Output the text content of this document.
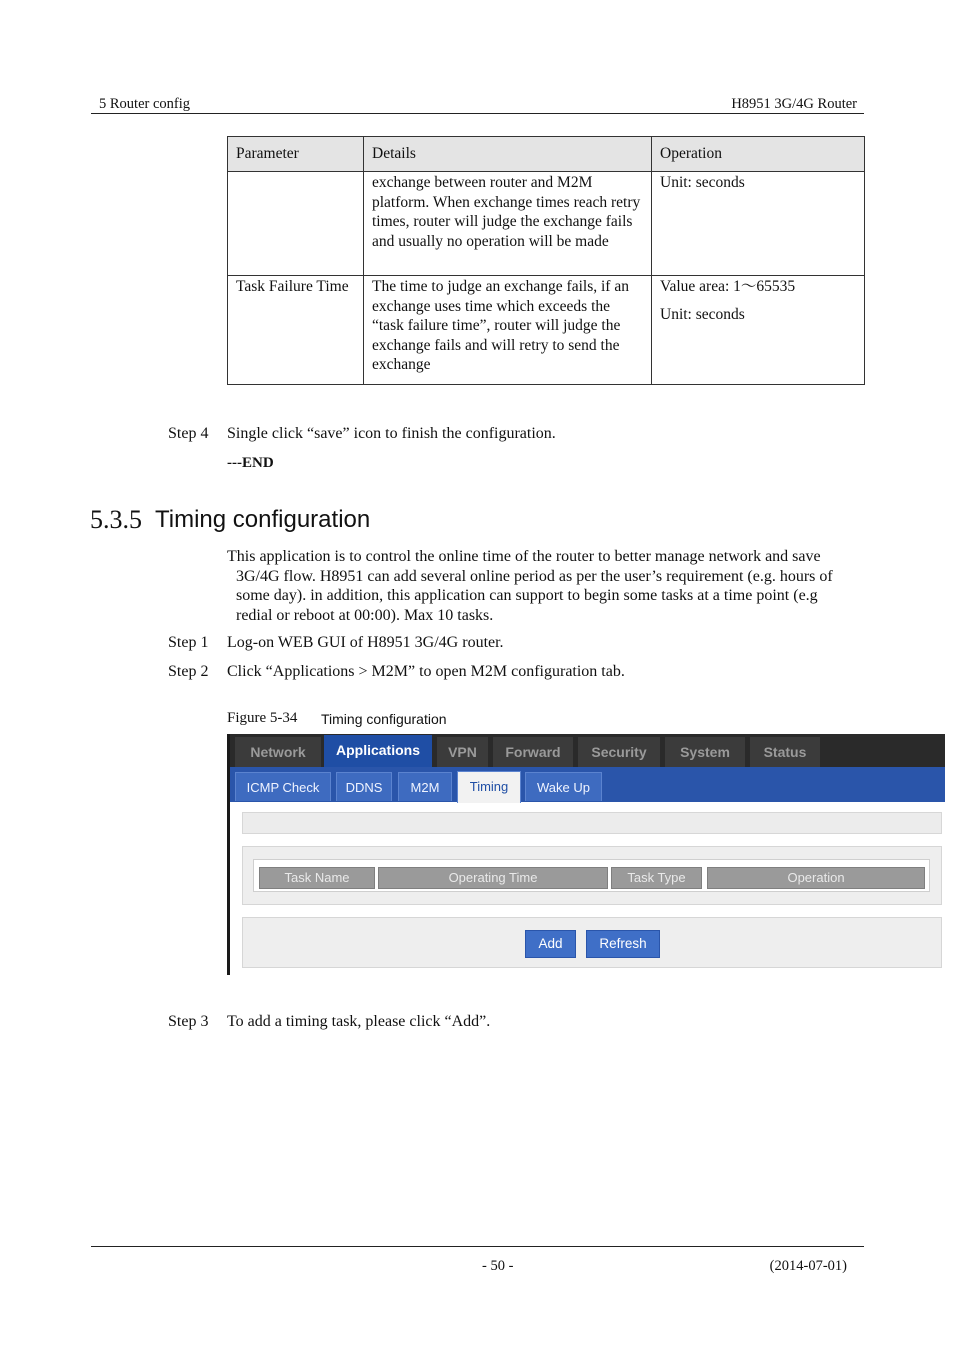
5 Router config	H8951 3G/4G Router
Parameter	Details	Operation
	exchange between router and M2M platform. When exchange times reach retry times, router will judge the exchange fails and usually no operation will be made	Unit: seconds

Task Failure Time	The time to judge an exchange fails, if an exchange uses time which exceeds the “task failure time”, router will judge the exchange fails and will retry to send the exchange	Value area: 1～65535

Unit: seconds

Step 4 Single click “save” icon to finish the configuration.
---END
5.3.5 Timing configuration

This application is to control the online time of the router to better manage network and save

3G/4G flow. H8951 can add several online period as per the user’s requirement (e.g. hours of

some day). in addition, this application can support to begin some tasks at a time point (e.g

redial or reboot at 00:00). Max 10 tasks.

Step 1 Log-on WEB GUI of H8951 3G/4G router.
Step 2 Click “Applications > M2M” to open M2M configuration tab.
Figure 5-34 Timing configuration
Network	Applications	VPN	Forward	Security	System	Status
ICMP Check	DDNS	M2M	Timing	Wake Up
Task Name	Operating Time	Task Type	Operation
Add	Refresh
Step 3 To add a timing task, please click “Add”.
- 50 -	(2014-07-01)
